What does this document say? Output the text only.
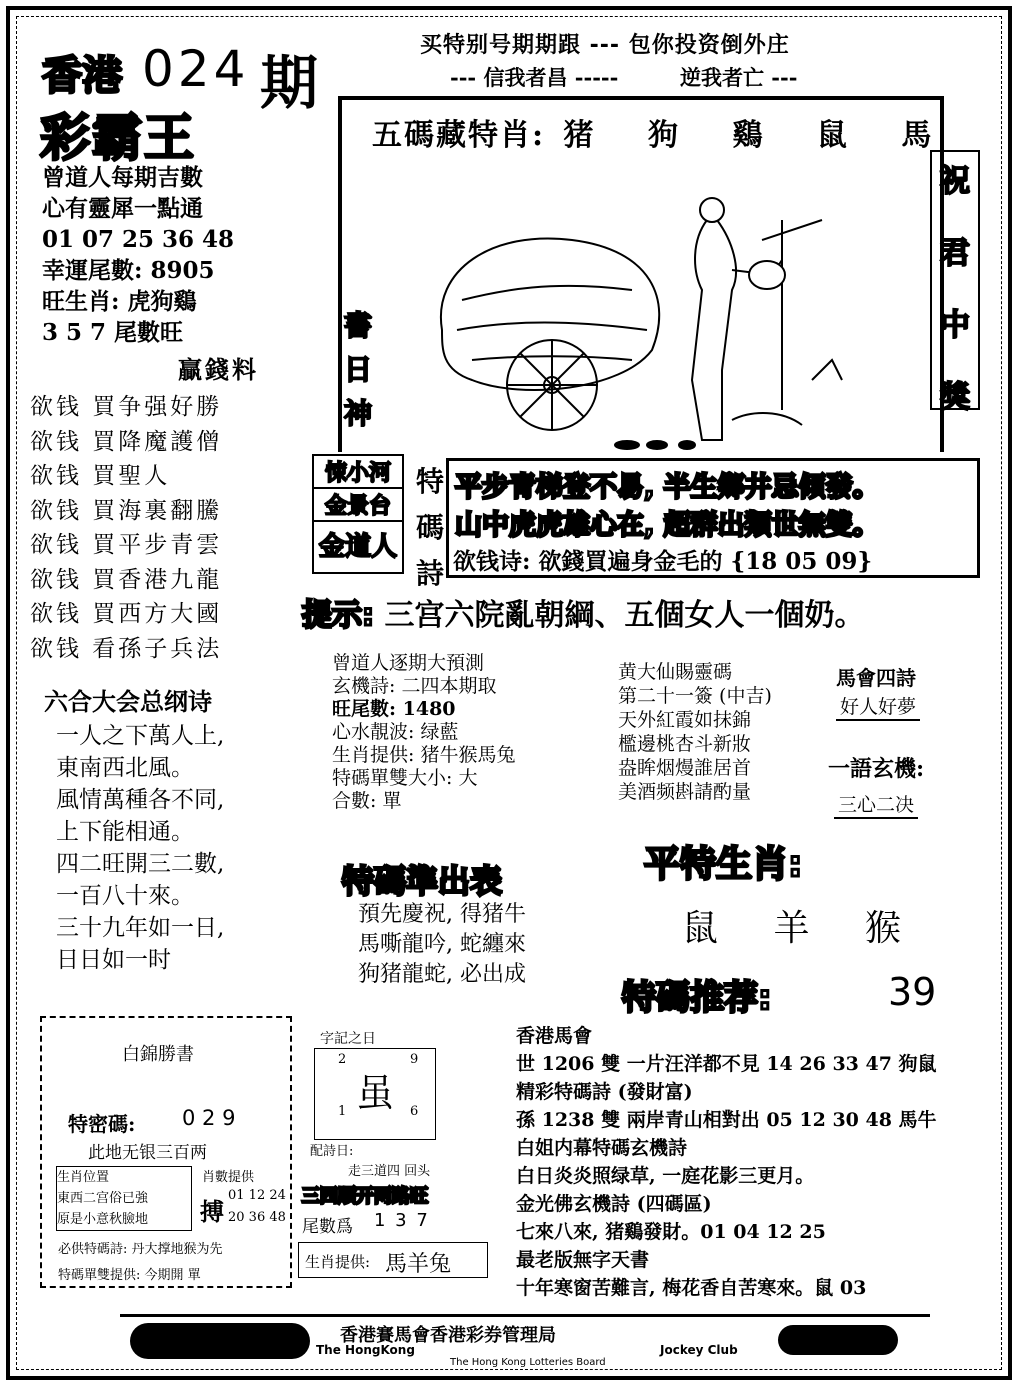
香港 024 期
彩霸王
曾道人每期吉數
心有靈犀一點通
01 07 25 36 48
幸運尾數: 8905
旺生肖: 虎狗鷄
3 5 7 尾數旺
贏錢料
欲钱 買争强好勝
欲钱 買降魔護僧
欲钱 買聖人
欲钱 買海裏翻騰
欲钱 買平步青雲
欲钱 買香港九龍
欲钱 買西方大國
欲钱 看孫子兵法
买特别号期期跟 --- 包你投资倒外庄
--- 信我者昌 -----	逆我者亡 ---
五碼藏特肖: 猪 狗 鷄 鼠 馬
祝
君
中
獎
書
日
神
悚小河
金景台
金道人
特
碼
詩
平步青梯登不易, 半生鄉井忌傾發。
山中虎虎雄心在, 超群出類世無雙。
欲钱诗: 欲錢買遍身金毛的 {18 05 09}
提示: 三宫六院亂朝綱、五個女人一個奶。
六合大会总纲诗
一人之下萬人上,
東南西北風。
風情萬種各不同,
上下能相通。
四二旺開三二數,
一百八十來。
三十九年如一日,
日日如一时
曾道人逐期大預測
玄機詩: 二四本期取
旺尾數: 1480
心水靚波: 绿藍
生肖提供: 猪牛猴馬兔
特碼單雙大小: 大
合數: 單
黄大仙賜靈碼
第二十一簽 (中吉)
天外紅霞如抹錦
檻邊桃杏斗新妝
盎眸烟熳誰居首
美酒频斟請酌量
馬會四詩
好人好夢
一語玄機:
三心二决
特碼準出表
預先慶祝, 得猪牛
馬嘶龍吟, 蛇纏來
狗猪龍蛇, 必出成
平特生肖:
鼠 羊 猴
特碼推荐:	39
香港馬會
世 1206 雙 一片汪洋都不見 14 26 33 47 狗鼠
精彩特碼詩 (發財富)
孫 1238 雙 兩岸青山相對出 05 12 30 48 馬牛
白姐内幕特碼玄機詩
白日炎炎照绿草, 一庭花影三更月。
金光佛玄機詩 (四碼區)
七來八來, 猪鷄發財。01 04 12 25
最老版無字天書
十年寒窗苦難言, 梅花香自苦寒來。鼠 03
白錦勝書
特密碼: 0 2 9
此地无银三百两
生肖位置
東西二宫俗已強
原是小意秋臉地
肖數提供
搏
01 12 24
20 36 48
必供特碼詩: 丹大撑地猴为先
特碼單雙提供: 今期開 單
字記之日
2	9
1	6
虽
配詩日:
走三道四 回头
三四順开两路旺
尾數爲 1 3 7
生肖提供: 馬羊兔
香港賽馬會香港彩券管理局
The HongKong	Jockey Club
The Hong Kong Lotteries Board
